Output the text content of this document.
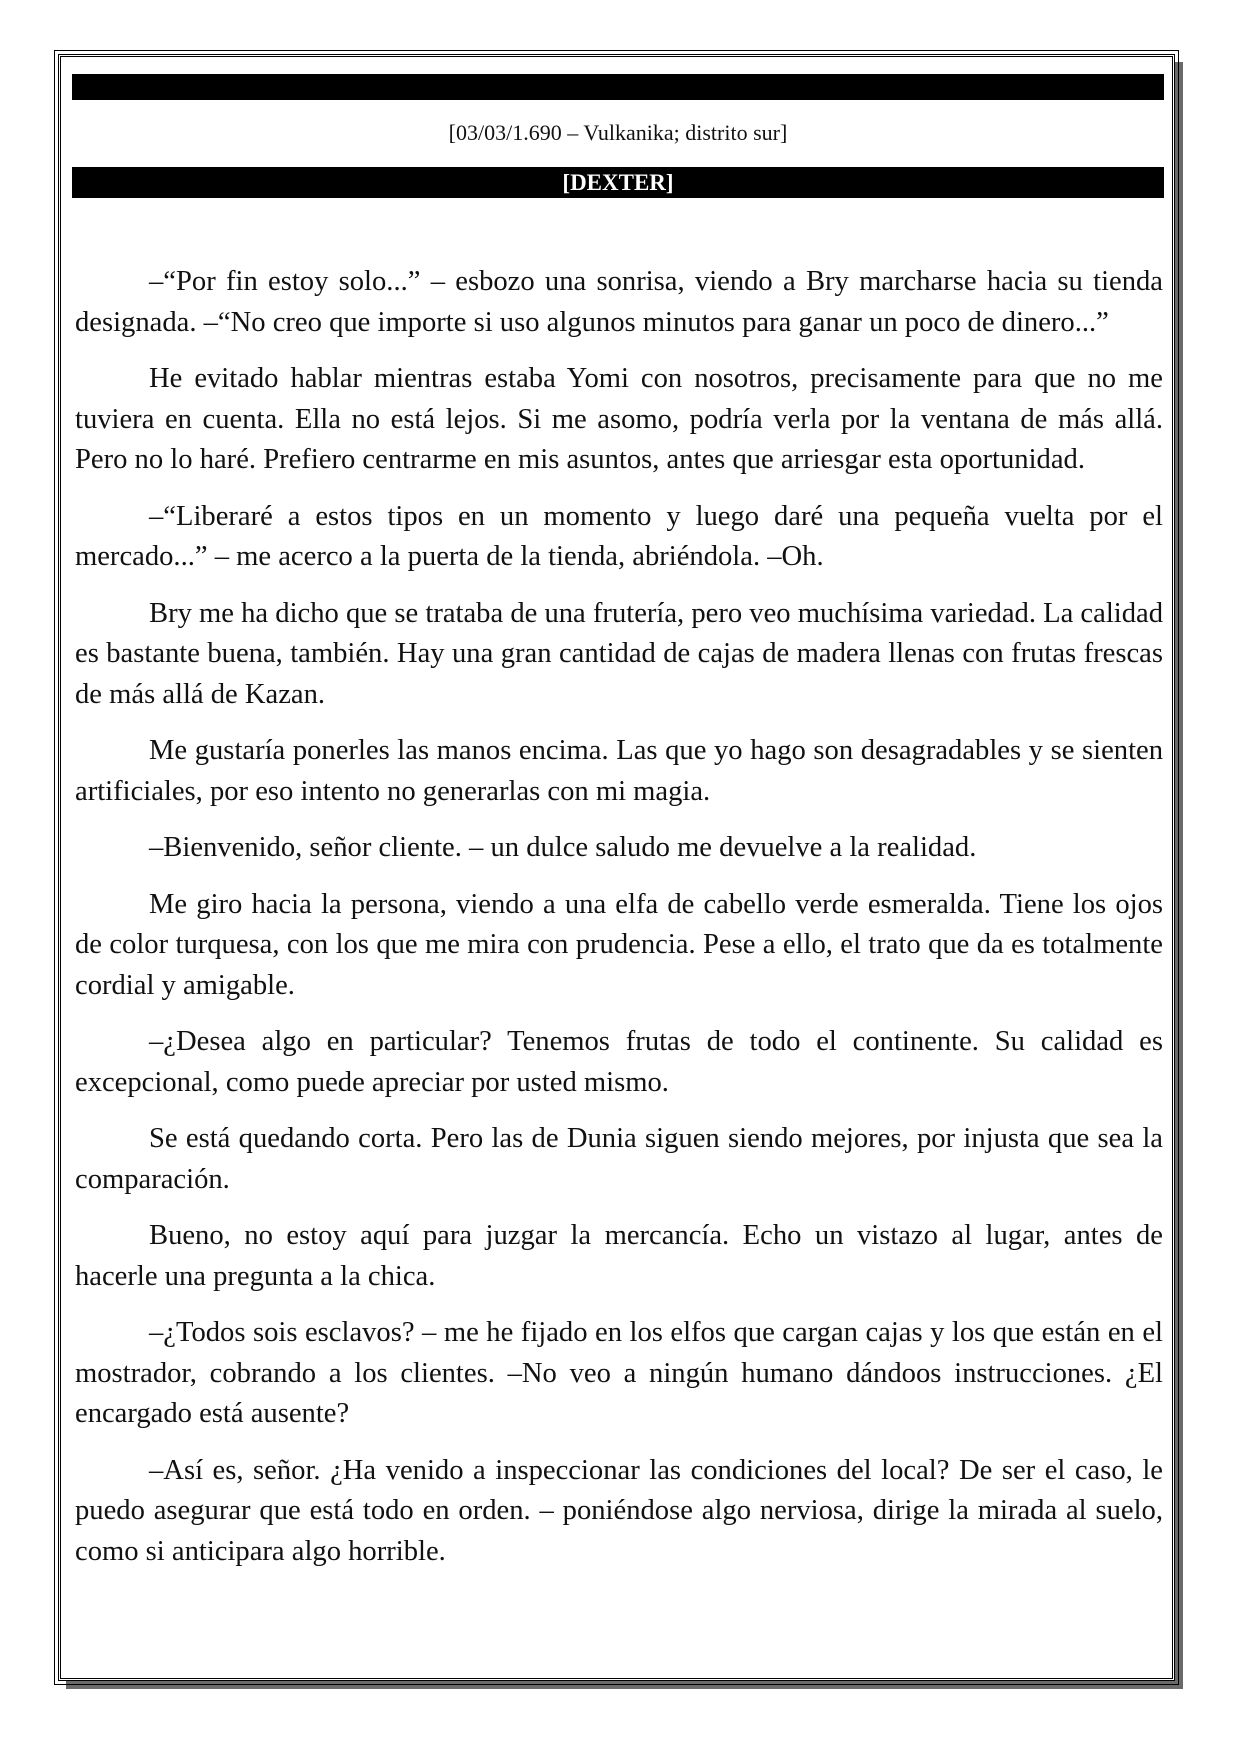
[03/03/1.690 – Vulkanika; distrito sur]
[DEXTER]

–“Por fin estoy solo...” – esbozo una sonrisa, viendo a Bry marcharse hacia su tienda designada. –“No creo que importe si uso algunos minutos para ganar un poco de dinero...”

He evitado hablar mientras estaba Yomi con nosotros, precisamente para que no me tuviera en cuenta. Ella no está lejos. Si me asomo, podría verla por la ventana de más allá. Pero no lo haré. Prefiero centrarme en mis asuntos, antes que arriesgar esta oportunidad.

–“Liberaré a estos tipos en un momento y luego daré una pequeña vuelta por el mercado...” – me acerco a la puerta de la tienda, abriéndola. –Oh.

Bry me ha dicho que se trataba de una frutería, pero veo muchísima variedad. La calidad es bastante buena, también. Hay una gran cantidad de cajas de madera llenas con frutas frescas de más allá de Kazan.

Me gustaría ponerles las manos encima. Las que yo hago son desagradables y se sienten artificiales, por eso intento no generarlas con mi magia.

–Bienvenido, señor cliente. – un dulce saludo me devuelve a la realidad.

Me giro hacia la persona, viendo a una elfa de cabello verde esmeralda. Tiene los ojos de color turquesa, con los que me mira con prudencia. Pese a ello, el trato que da es totalmente cordial y amigable.

–¿Desea algo en particular? Tenemos frutas de todo el continente. Su calidad es excepcional, como puede apreciar por usted mismo.

Se está quedando corta. Pero las de Dunia siguen siendo mejores, por injusta que sea la comparación.

Bueno, no estoy aquí para juzgar la mercancía. Echo un vistazo al lugar, antes de hacerle una pregunta a la chica.

–¿Todos sois esclavos? – me he fijado en los elfos que cargan cajas y los que están en el mostrador, cobrando a los clientes. –No veo a ningún humano dándoos instrucciones. ¿El encargado está ausente?

–Así es, señor. ¿Ha venido a inspeccionar las condiciones del local? De ser el caso, le puedo asegurar que está todo en orden. – poniéndose algo nerviosa, dirige la mirada al suelo, como si anticipara algo horrible.
